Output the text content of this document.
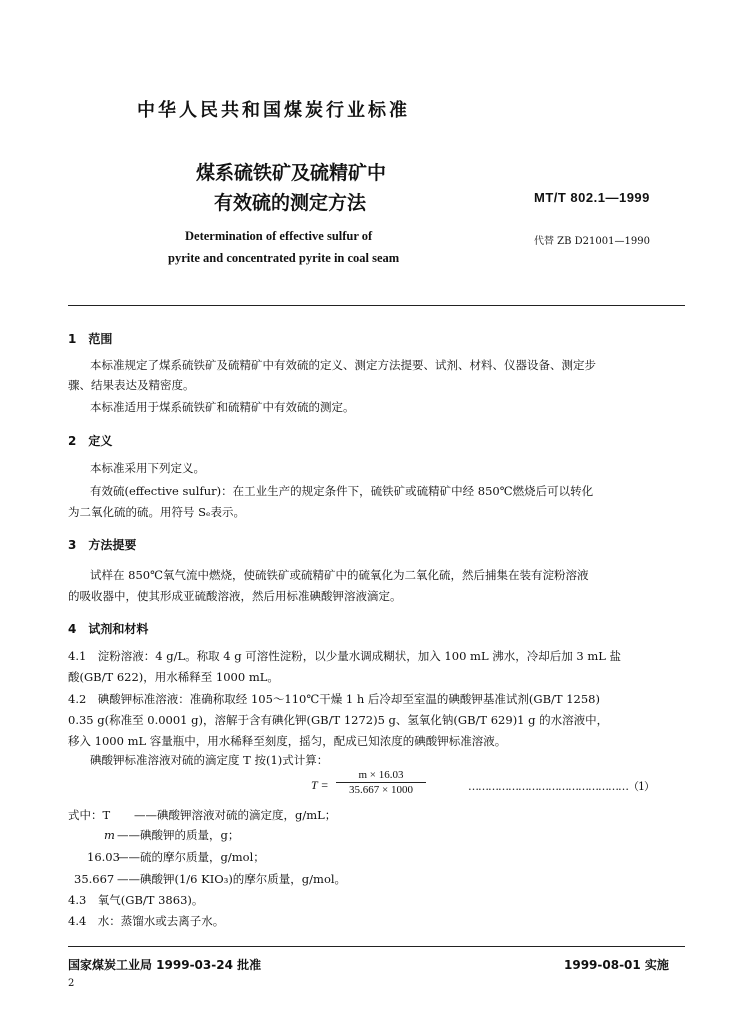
中华人民共和国煤炭行业标准
煤系硫铁矿及硫精矿中
有效硫的测定方法	MT/T 802.1—1999
代替 ZB D21001—1990
Determination of effective sulfur of
pyrite and concentrated pyrite in coal seam
1　范围
本标准规定了煤系硫铁矿及硫精矿中有效硫的定义、测定方法提要、试剂、材料、仪器设备、测定步
骤、结果表达及精密度。
本标准适用于煤系硫铁矿和硫精矿中有效硫的测定。
2　定义
本标准采用下列定义。
有效硫(effective sulfur)：在工业生产的规定条件下，硫铁矿或硫精矿中经 850℃燃烧后可以转化
为二氧化硫的硫。用符号 Sₑ表示。
3　方法提要
试样在 850℃氧气流中燃烧，使硫铁矿或硫精矿中的硫氧化为二氧化硫，然后捕集在装有淀粉溶液
的吸收器中，使其形成亚硫酸溶液，然后用标准碘酸钾溶液滴定。
4　试剂和材料
4.1　淀粉溶液：4 g/L。称取 4 g 可溶性淀粉，以少量水调成糊状，加入 100 mL 沸水，冷却后加 3 mL 盐
酸(GB/T 622)，用水稀释至 1000 mL。
4.2　碘酸钾标准溶液：准确称取经 105～110℃干燥 1 h 后冷却至室温的碘酸钾基准试剂(GB/T 1258)
0.35 g(称准至 0.0001 g)，溶解于含有碘化钾(GB/T 1272)5 g、氢氧化钠(GB/T 629)1 g 的水溶液中，
移入 1000 mL 容量瓶中，用水稀释至刻度，摇匀，配成已知浓度的碘酸钾标准溶液。
碘酸钾标准溶液对硫的滴定度 T 按(1)式计算：
$T = \frac{m \times 16.03}{35.667 \times 1000}$	…………………………………………（1）
式中：T ——碘酸钾溶液对硫的滴定度，g/mL；
m ——碘酸钾的质量，g；
16.03
——硫的摩尔质量，g/mol；
35.667 ——碘酸钾(1/6 KIO₃)的摩尔质量，g/mol。
4.3　氧气(GB/T 3863)。
4.4　水：蒸馏水或去离子水。
国家煤炭工业局 1999-03-24 批准	1999-08-01 实施
2
